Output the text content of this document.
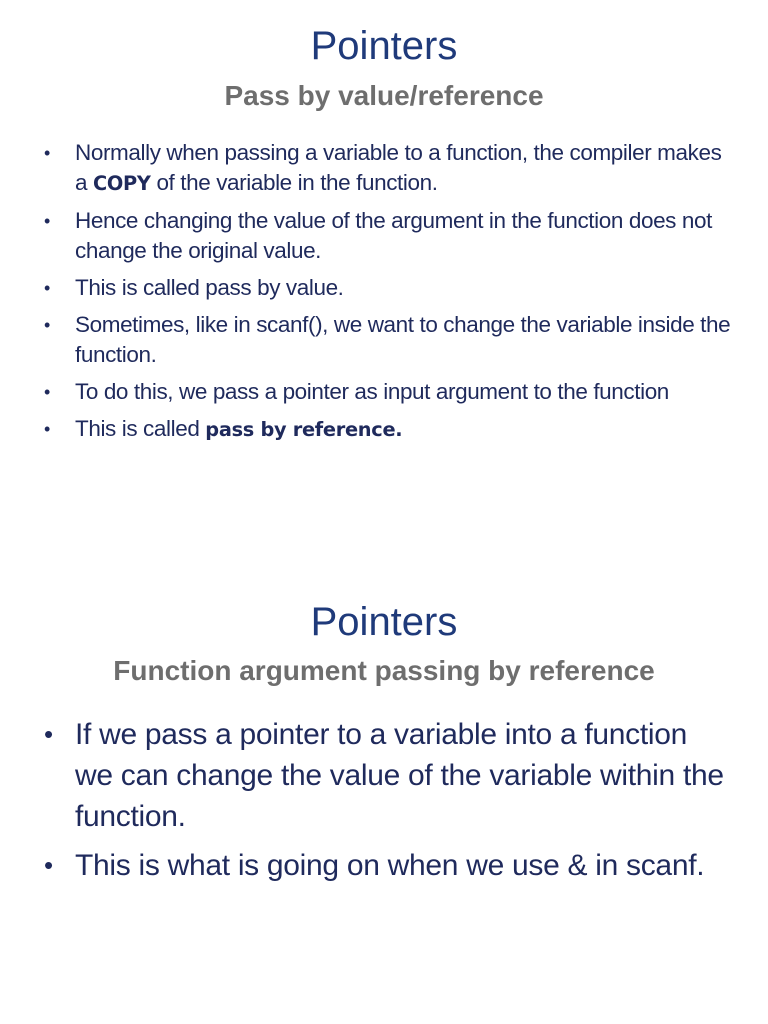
Pointers
Pass by value/reference
• Normally when passing a variable to a function, the compiler makes a COPY of the variable in the function.
• Hence changing the value of the argument in the function does not change the original value.
• This is called pass by value.
• Sometimes, like in scanf(), we want to change the variable inside the function.
• To do this, we pass a pointer as input argument to the function
• This is called pass by reference.
Pointers
Function argument passing by reference
• If we pass a pointer to a variable into a function we can change the value of the variable within the function.
• This is what is going on when we use & in scanf.
